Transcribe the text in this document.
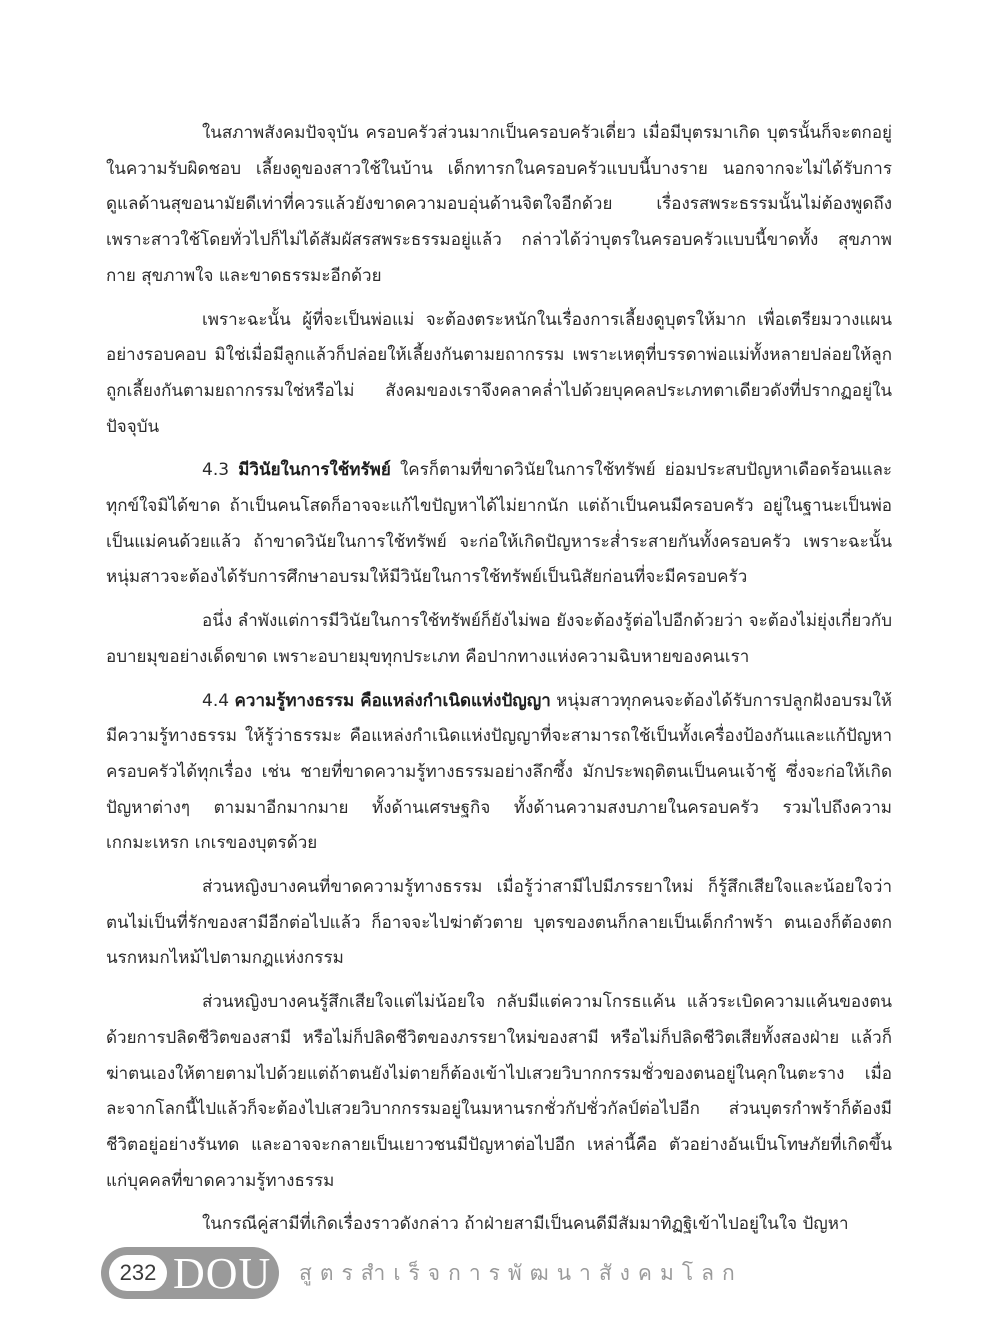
ในสภาพสังคมปัจจุบัน ครอบครัวส่วนมากเป็นครอบครัวเดี่ยว เมื่อมีบุตรมาเกิด บุตรนั้นก็จะตกอยู่ในความรับผิดชอบ เลี้ยงดูของสาวใช้ในบ้าน เด็กทารกในครอบครัวแบบนี้บางราย นอกจากจะไม่ได้รับการดูแลด้านสุขอนามัยดีเท่าที่ควรแล้วยังขาดความอบอุ่นด้านจิตใจอีกด้วย เรื่องรสพระธรรมนั้นไม่ต้องพูดถึง เพราะสาวใช้โดยทั่วไปก็ไม่ได้สัมผัสรสพระธรรมอยู่แล้ว กล่าวได้ว่าบุตรในครอบครัวแบบนี้ขาดทั้ง สุขภาพกาย สุขภาพใจ และขาดธรรมะอีกด้วย

เพราะฉะนั้น ผู้ที่จะเป็นพ่อแม่ จะต้องตระหนักในเรื่องการเลี้ยงดูบุตรให้มาก เพื่อเตรียมวางแผนอย่างรอบคอบ มิใช่เมื่อมีลูกแล้วก็ปล่อยให้เลี้ยงกันตามยถากรรม เพราะเหตุที่บรรดาพ่อแม่ทั้งหลายปล่อยให้ลูกถูกเลี้ยงกันตามยถากรรมใช่หรือไม่ สังคมของเราจึงคลาคล่ำไปด้วยบุคคลประเภทตาเดียวดังที่ปรากฏอยู่ในปัจจุบัน

4.3 มีวินัยในการใช้ทรัพย์ ใครก็ตามที่ขาดวินัยในการใช้ทรัพย์ ย่อมประสบปัญหาเดือดร้อนและทุกข์ใจมิได้ขาด ถ้าเป็นคนโสดก็อาจจะแก้ไขปัญหาได้ไม่ยากนัก แต่ถ้าเป็นคนมีครอบครัว อยู่ในฐานะเป็นพ่อเป็นแม่คนด้วยแล้ว ถ้าขาดวินัยในการใช้ทรัพย์ จะก่อให้เกิดปัญหาระส่ำระสายกันทั้งครอบครัว เพราะฉะนั้นหนุ่มสาวจะต้องได้รับการศึกษาอบรมให้มีวินัยในการใช้ทรัพย์เป็นนิสัยก่อนที่จะมีครอบครัว

อนึ่ง ลำพังแต่การมีวินัยในการใช้ทรัพย์ก็ยังไม่พอ ยังจะต้องรู้ต่อไปอีกด้วยว่า จะต้องไม่ยุ่งเกี่ยวกับอบายมุขอย่างเด็ดขาด เพราะอบายมุขทุกประเภท คือปากทางแห่งความฉิบหายของคนเรา

4.4 ความรู้ทางธรรม คือแหล่งกำเนิดแห่งปัญญา หนุ่มสาวทุกคนจะต้องได้รับการปลูกฝังอบรมให้มีความรู้ทางธรรม ให้รู้ว่าธรรมะ คือแหล่งกำเนิดแห่งปัญญาที่จะสามารถใช้เป็นทั้งเครื่องป้องกันและแก้ปัญหาครอบครัวได้ทุกเรื่อง เช่น ชายที่ขาดความรู้ทางธรรมอย่างลึกซึ้ง มักประพฤติตนเป็นคนเจ้าชู้ ซึ่งจะก่อให้เกิดปัญหาต่างๆ ตามมาอีกมากมาย ทั้งด้านเศรษฐกิจ ทั้งด้านความสงบภายในครอบครัว รวมไปถึงความเกกมะเหรก เกเรของบุตรด้วย

ส่วนหญิงบางคนที่ขาดความรู้ทางธรรม เมื่อรู้ว่าสามีไปมีภรรยาใหม่ ก็รู้สึกเสียใจและน้อยใจว่าตนไม่เป็นที่รักของสามีอีกต่อไปแล้ว ก็อาจจะไปฆ่าตัวตาย บุตรของตนก็กลายเป็นเด็กกำพร้า ตนเองก็ต้องตกนรกหมกไหม้ไปตามกฎแห่งกรรม

ส่วนหญิงบางคนรู้สึกเสียใจแต่ไม่น้อยใจ กลับมีแต่ความโกรธแค้น แล้วระเบิดความแค้นของตนด้วยการปลิดชีวิตของสามี หรือไม่ก็ปลิดชีวิตของภรรยาใหม่ของสามี หรือไม่ก็ปลิดชีวิตเสียทั้งสองฝ่าย แล้วก็ฆ่าตนเองให้ตายตามไปด้วยแต่ถ้าตนยังไม่ตายก็ต้องเข้าไปเสวยวิบากกรรมชั่วของตนอยู่ในคุกในตะราง เมื่อละจากโลกนี้ไปแล้วก็จะต้องไปเสวยวิบากกรรมอยู่ในมหานรกชั่วกัปชั่วกัลป์ต่อไปอีก ส่วนบุตรกำพร้าก็ต้องมีชีวิตอยู่อย่างรันทด และอาจจะกลายเป็นเยาวชนมีปัญหาต่อไปอีก เหล่านี้คือ ตัวอย่างอันเป็นโทษภัยที่เกิดขึ้นแก่บุคคลที่ขาดความรู้ทางธรรม

ในกรณีคู่สามีที่เกิดเรื่องราวดังกล่าว ถ้าฝ่ายสามีเป็นคนดีมีสัมมาทิฏฐิเข้าไปอยู่ในใจ ปัญหา

232 DOU สูตรสำเร็จการพัฒนาสังคมโลก
